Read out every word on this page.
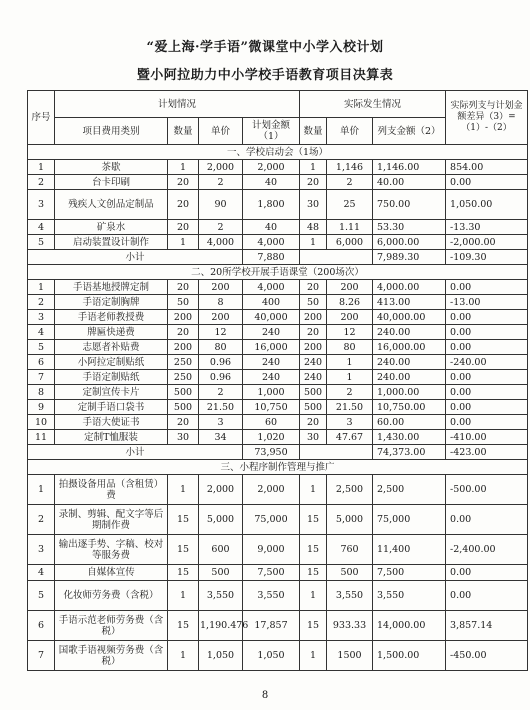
“爱上海·学手语”微课堂中小学入校计划
暨小阿拉助力中小学校手语教育项目决算表
序号	计划情况				实际发生情况			实际列支与计划金额差异（3）=（1）-（2）
	项目费用类别	数量	单价	计划金额（1）	数量	单价	列支金额（2）	
一、学校启动会（1场）								
1	茶歇	1	2,000	2,000	1	1,146	1,146.00	854.00
2	台卡印刷	20	2	40	20	2	40.00	0.00
3	残疾人文创品定制品	20	90	1,800	30	25	750.00	1,050.00
4	矿泉水	20	2	40	48	1.11	53.30	-13.30
5	启动装置设计制作	1	4,000	4,000	1	6,000	6,000.00	-2,000.00
小计				7,880			7,989.30	-109.30
二、20所学校开展手语课堂（200场次）								
1	手语基地授牌定制	20	200	4,000	20	200	4,000.00	0.00
2	手语定制胸牌	50	8	400	50	8.26	413.00	-13.00
3	手语老师教授费	200	200	40,000	200	200	40,000.00	0.00
4	牌匾快递费	20	12	240	20	12	240.00	0.00
5	志愿者补贴费	200	80	16,000	200	80	16,000.00	0.00
6	小阿拉定制贴纸	250	0.96	240	240	1	240.00	-240.00
7	手语定制贴纸	250	0.96	240	240	1	240.00	0.00
8	定制宣传卡片	500	2	1,000	500	2	1,000.00	0.00
9	定制手语口袋书	500	21.50	10,750	500	21.50	10,750.00	0.00
10	手语大使证书	20	3	60	20	3	60.00	0.00
11	定制T恤服装	30	34	1,020	30	47.67	1,430.00	-410.00
小计				73,950			74,373.00	-423.00
三、小程序制作管理与推广								
1	拍摄设备用品（含租赁）费	1	2,000	2,000	1	2,500	2,500	-500.00
2	录制、剪辑、配文字等后期制作费	15	5,000	75,000	15	5,000	75,000	0.00
3	输出逐手势、字稿、校对等服务费	15	600	9,000	15	760	11,400	-2,400.00
4	自媒体宣传	15	500	7,500	15	500	7,500	0.00
5	化妆师劳务费（含税）	1	3,550	3,550	1	3,550	3,550	0.00
6	手语示范老师劳务费（含税）	15	1,190.476	17,857	15	933.33	14,000.00	3,857.14
7	国歌手语视频劳务费（含税）	1	1,050	1,050	1	1500	1,500.00	-450.00
8
